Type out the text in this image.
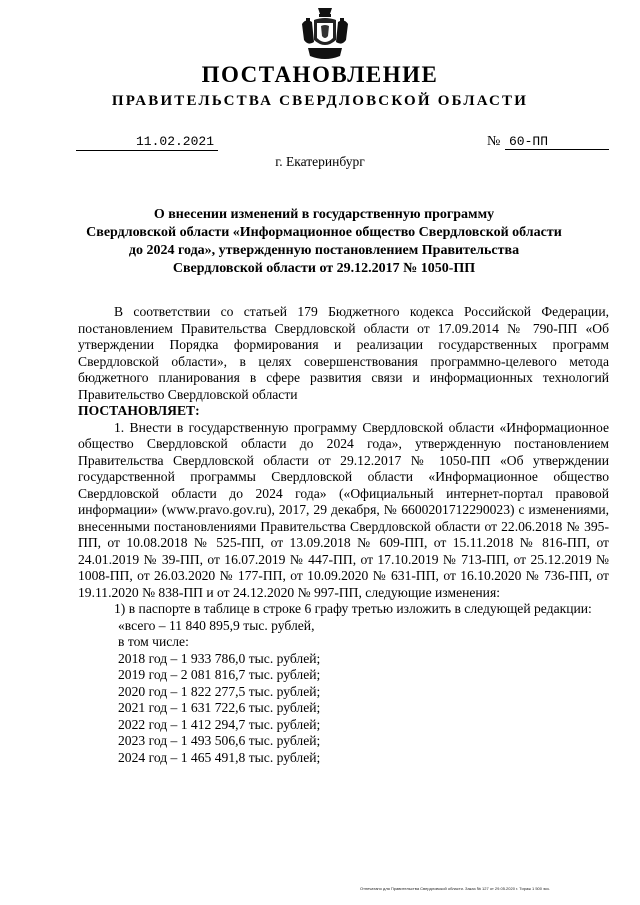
ПОСТАНОВЛЕНИЕ
ПРАВИТЕЛЬСТВА СВЕРДЛОВСКОЙ ОБЛАСТИ
11.02.2021	№ 60-ПП
г. Екатеринбург
О внесении изменений в государственную программу
Свердловской области «Информационное общество Свердловской области
до 2024 года», утвержденную постановлением Правительства
Свердловской области от 29.12.2017 № 1050-ПП

В соответствии со статьей 179 Бюджетного кодекса Российской Федерации, постановлением Правительства Свердловской области от 17.09.2014 № 790-ПП «Об утверждении Порядка формирования и реализации государственных программ Свердловской области», в целях совершенствования программно-целевого метода бюджетного планирования в сфере развития связи и информационных технологий Правительство Свердловской области

ПОСТАНОВЛЯЕТ:

1. Внести в государственную программу Свердловской области «Информационное общество Свердловской области до 2024 года», утвержденную постановлением Правительства Свердловской области от 29.12.2017 № 1050-ПП «Об утверждении государственной программы Свердловской области «Информационное общество Свердловской области до 2024 года» («Официальный интернет-портал правовой информации» (www.pravo.gov.ru), 2017, 29 декабря, № 6600201712290023) с изменениями, внесенными постановлениями Правительства Свердловской области от 22.06.2018 № 395-ПП, от 10.08.2018 № 525-ПП, от 13.09.2018 № 609-ПП, от 15.11.2018 № 816-ПП, от 24.01.2019 № 39-ПП, от 16.07.2019 № 447-ПП, от 17.10.2019 № 713-ПП, от 25.12.2019 № 1008-ПП, от 26.03.2020 № 177-ПП, от 10.09.2020 № 631-ПП, от 16.10.2020 № 736-ПП, от 19.11.2020 № 838-ПП и от 24.12.2020 № 997-ПП, следующие изменения:

1) в паспорте в таблице в строке 6 графу третью изложить в следующей редакции:

«всего – 11 840 895,9 тыс. рублей,
в том числе:
2018 год – 1 933 786,0 тыс. рублей;
2019 год – 2 081 816,7 тыс. рублей;
2020 год – 1 822 277,5 тыс. рублей;
2021 год – 1 631 722,6 тыс. рублей;
2022 год – 1 412 294,7 тыс. рублей;
2023 год – 1 493 506,6 тыс. рублей;
2024 год – 1 465 491,8 тыс. рублей;
Отпечатано для Правительства Свердловской области. Заказ № 127 от 29.05.2020 г. Тираж 1 500 экз.
